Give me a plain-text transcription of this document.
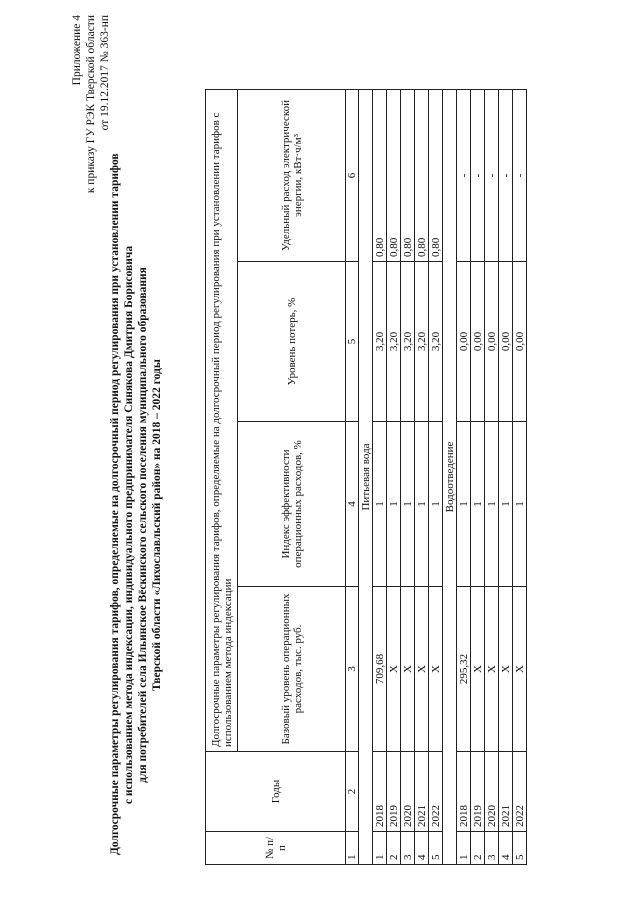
Приложение 4 к приказу ГУ РЭК Тверской области от 19.12.2017 № 363-нп
Долгосрочные параметры регулирования тарифов, определяемые на долгосрочный период регулирования при установлении тарифов с использованием метода индексации, индивидуального предпринимателя Синякова Дмитрия Борисовича для потребителей села Ильинское Вёскинского сельского поселения муниципального образования Тверской области «Лихославльский район» на 2018 – 2022 годы
№ п/п	Годы	Долгосрочные параметры регулирования тарифов, определяемые на долгосрочный период регулирования при установлении тарифов с использованием метода индексации			
		Базовый уровень операционных расходов, тыс. руб.	Индекс эффективности операционных расходов, %	Уровень потерь, %	Удельный расход электрической энергии, кВт·ч/м³
1	2	3	4	5	6
Питьевая вода					
1	2018	709,68	1	3,20	0,80
2	2019	X	1	3,20	0,80
3	2020	X	1	3,20	0,80
4	2021	X	1	3,20	0,80
5	2022	X	1	3,20	0,80
Водоотведение					
1	2018	295,32	1	0,00	-
2	2019	X	1	0,00	-
3	2020	X	1	0,00	-
4	2021	X	1	0,00	-
5	2022	X	1	0,00	-
